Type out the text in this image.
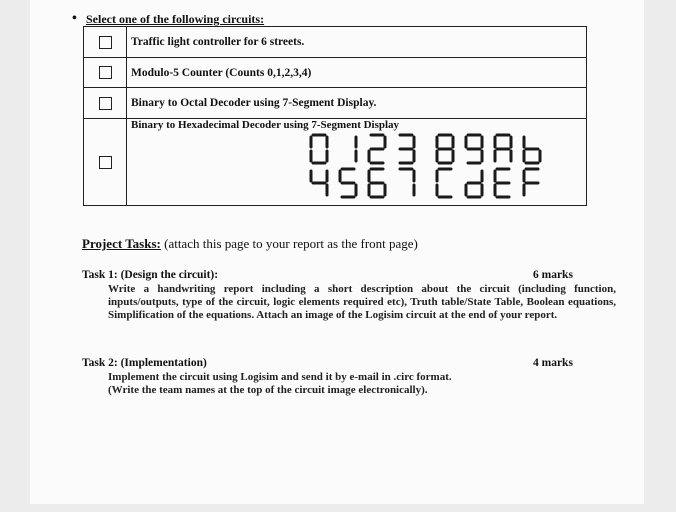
• Select one of the following circuits:
	Traffic light controller for 6 streets.

	Modulo-5 Counter (Counts 0,1,2,3,4)

	Binary to Octal Decoder using 7-Segment Display.

	Binary to Hexadecimal Decoder using 7-Segment Display
Project Tasks: (attach this page to your report as the front page)
Task 1: (Design the circuit):	6 marks
Write a handwriting report including a short description about the circuit (including function, inputs/outputs, type of the circuit, logic elements required etc), Truth table/State Table, Boolean equations, Simplification of the equations. Attach an image of the Logisim circuit at the end of your report.
Task 2: (Implementation)	4 marks
Implement the circuit using Logisim and send it by e-mail in .circ format.
(Write the team names at the top of the circuit image electronically).
